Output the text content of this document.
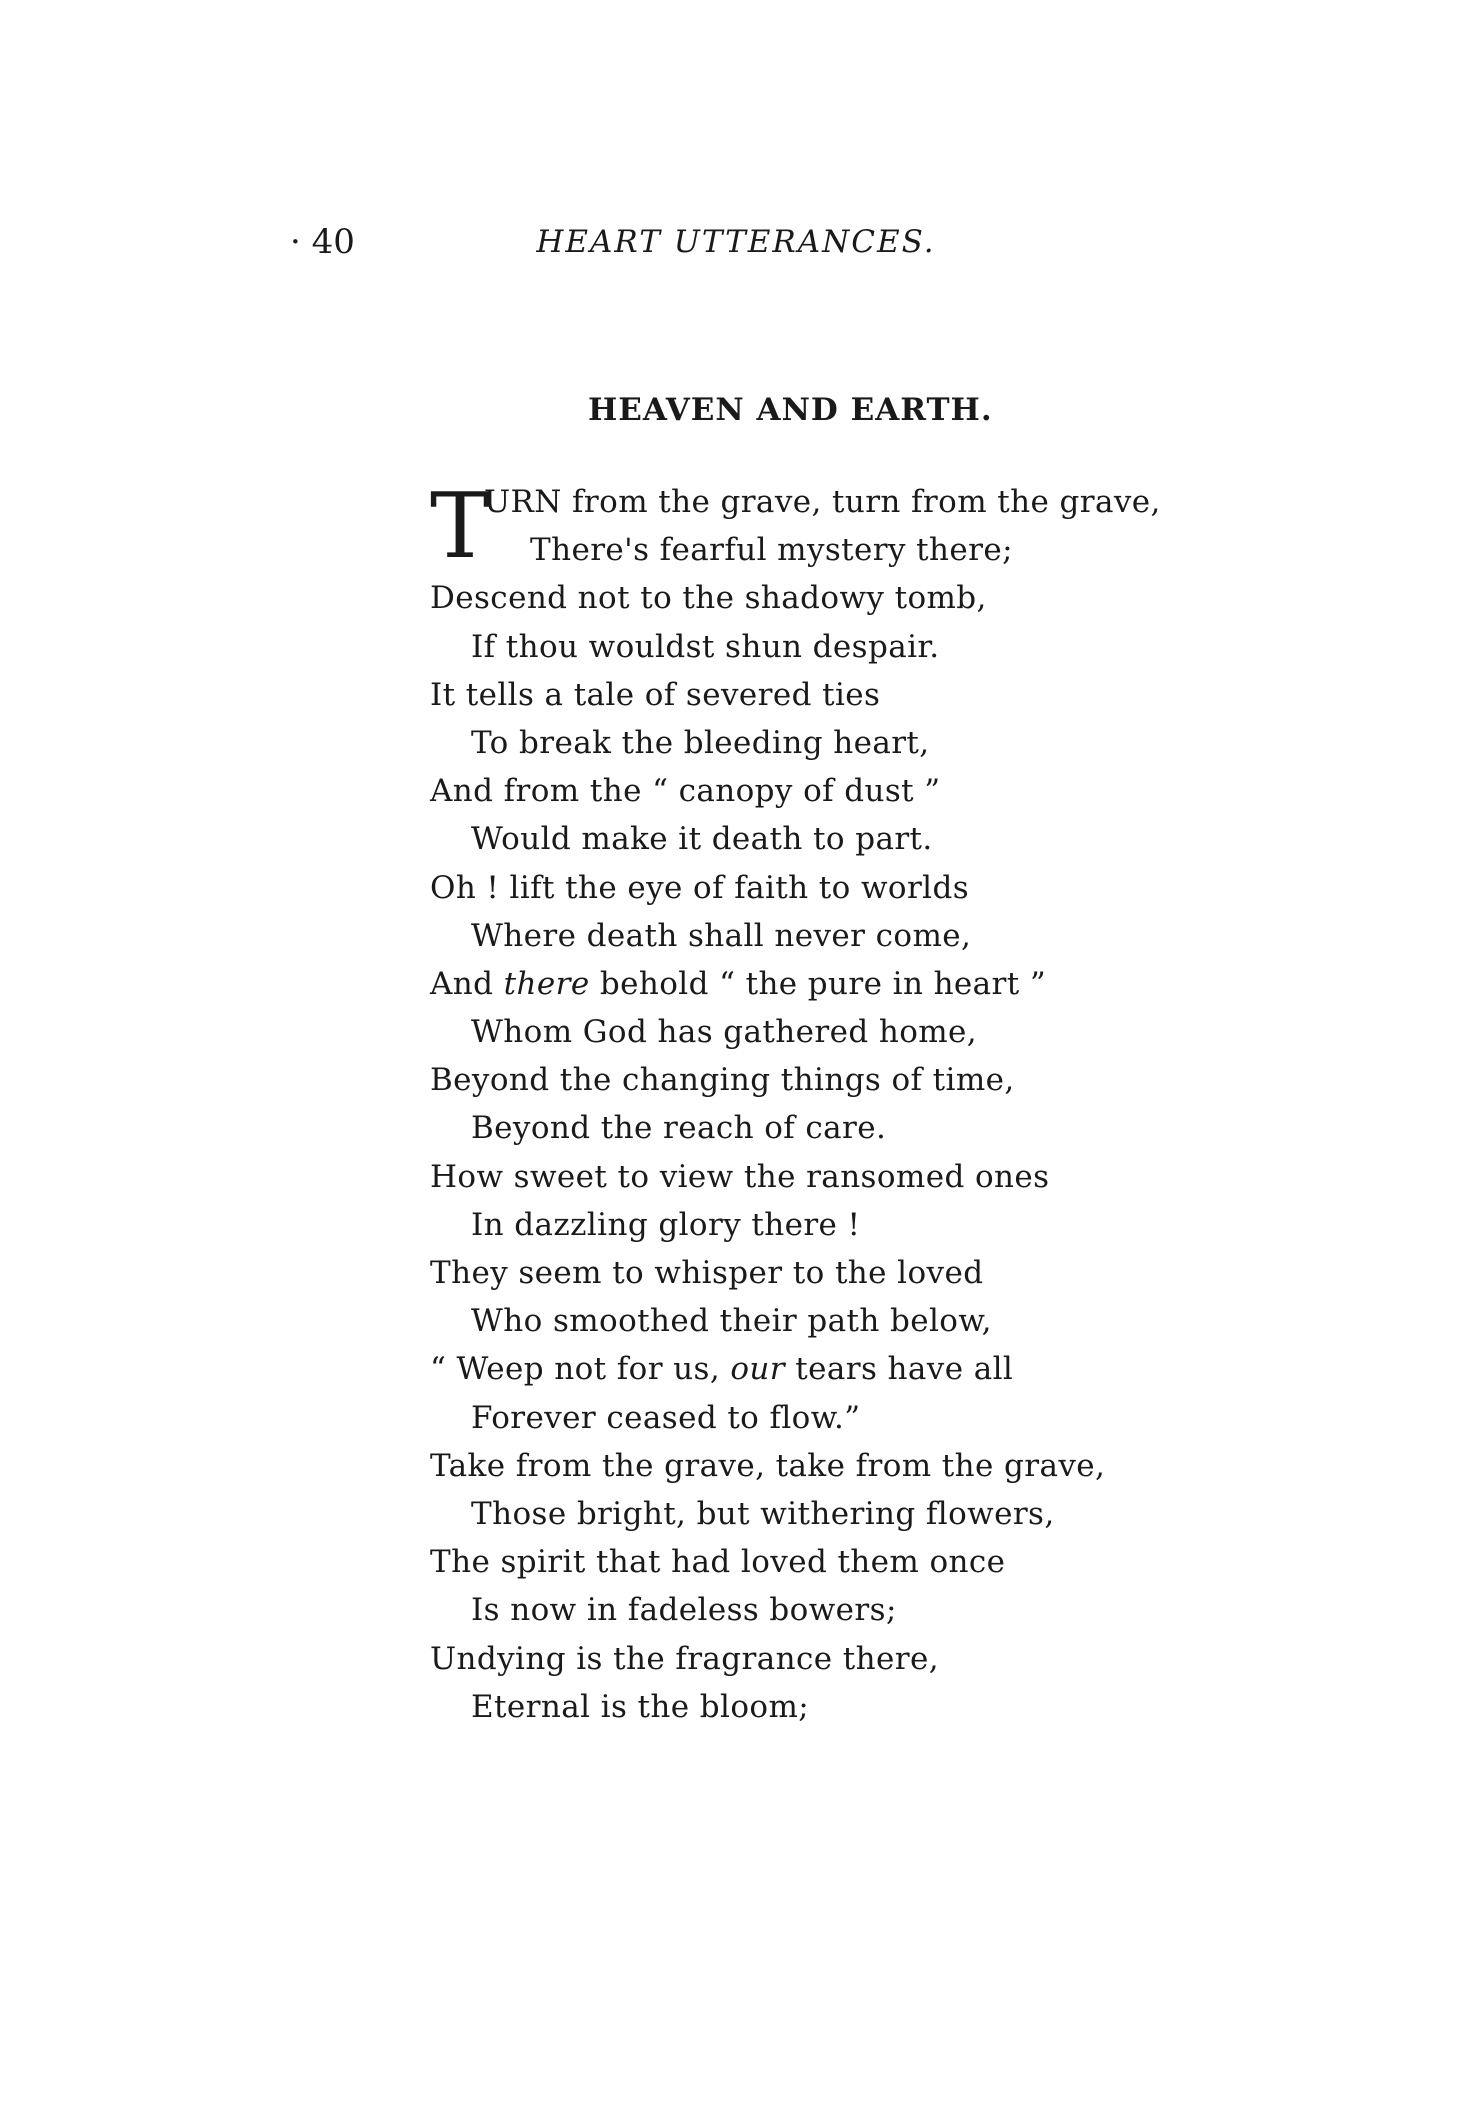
· 40	HEART UTTERANCES.
HEAVEN AND EARTH.
T
URN from the grave, turn from the grave,
There's fearful mystery there;
Descend not to the shadowy tomb,
If thou wouldst shun despair.
It tells a tale of severed ties
To break the bleeding heart,
And from the “ canopy of dust ”
Would make it death to part.
Oh ! lift the eye of faith to worlds
Where death shall never come,
And there behold “ the pure in heart ”
Whom God has gathered home,
Beyond the changing things of time,
Beyond the reach of care.
How sweet to view the ransomed ones
In dazzling glory there !
They seem to whisper to the loved
Who smoothed their path below,
“ Weep not for us, our tears have all
Forever ceased to flow.”
Take from the grave, take from the grave,
Those bright, but withering flowers,
The spirit that had loved them once
Is now in fadeless bowers;
Undying is the fragrance there,
Eternal is the bloom;
